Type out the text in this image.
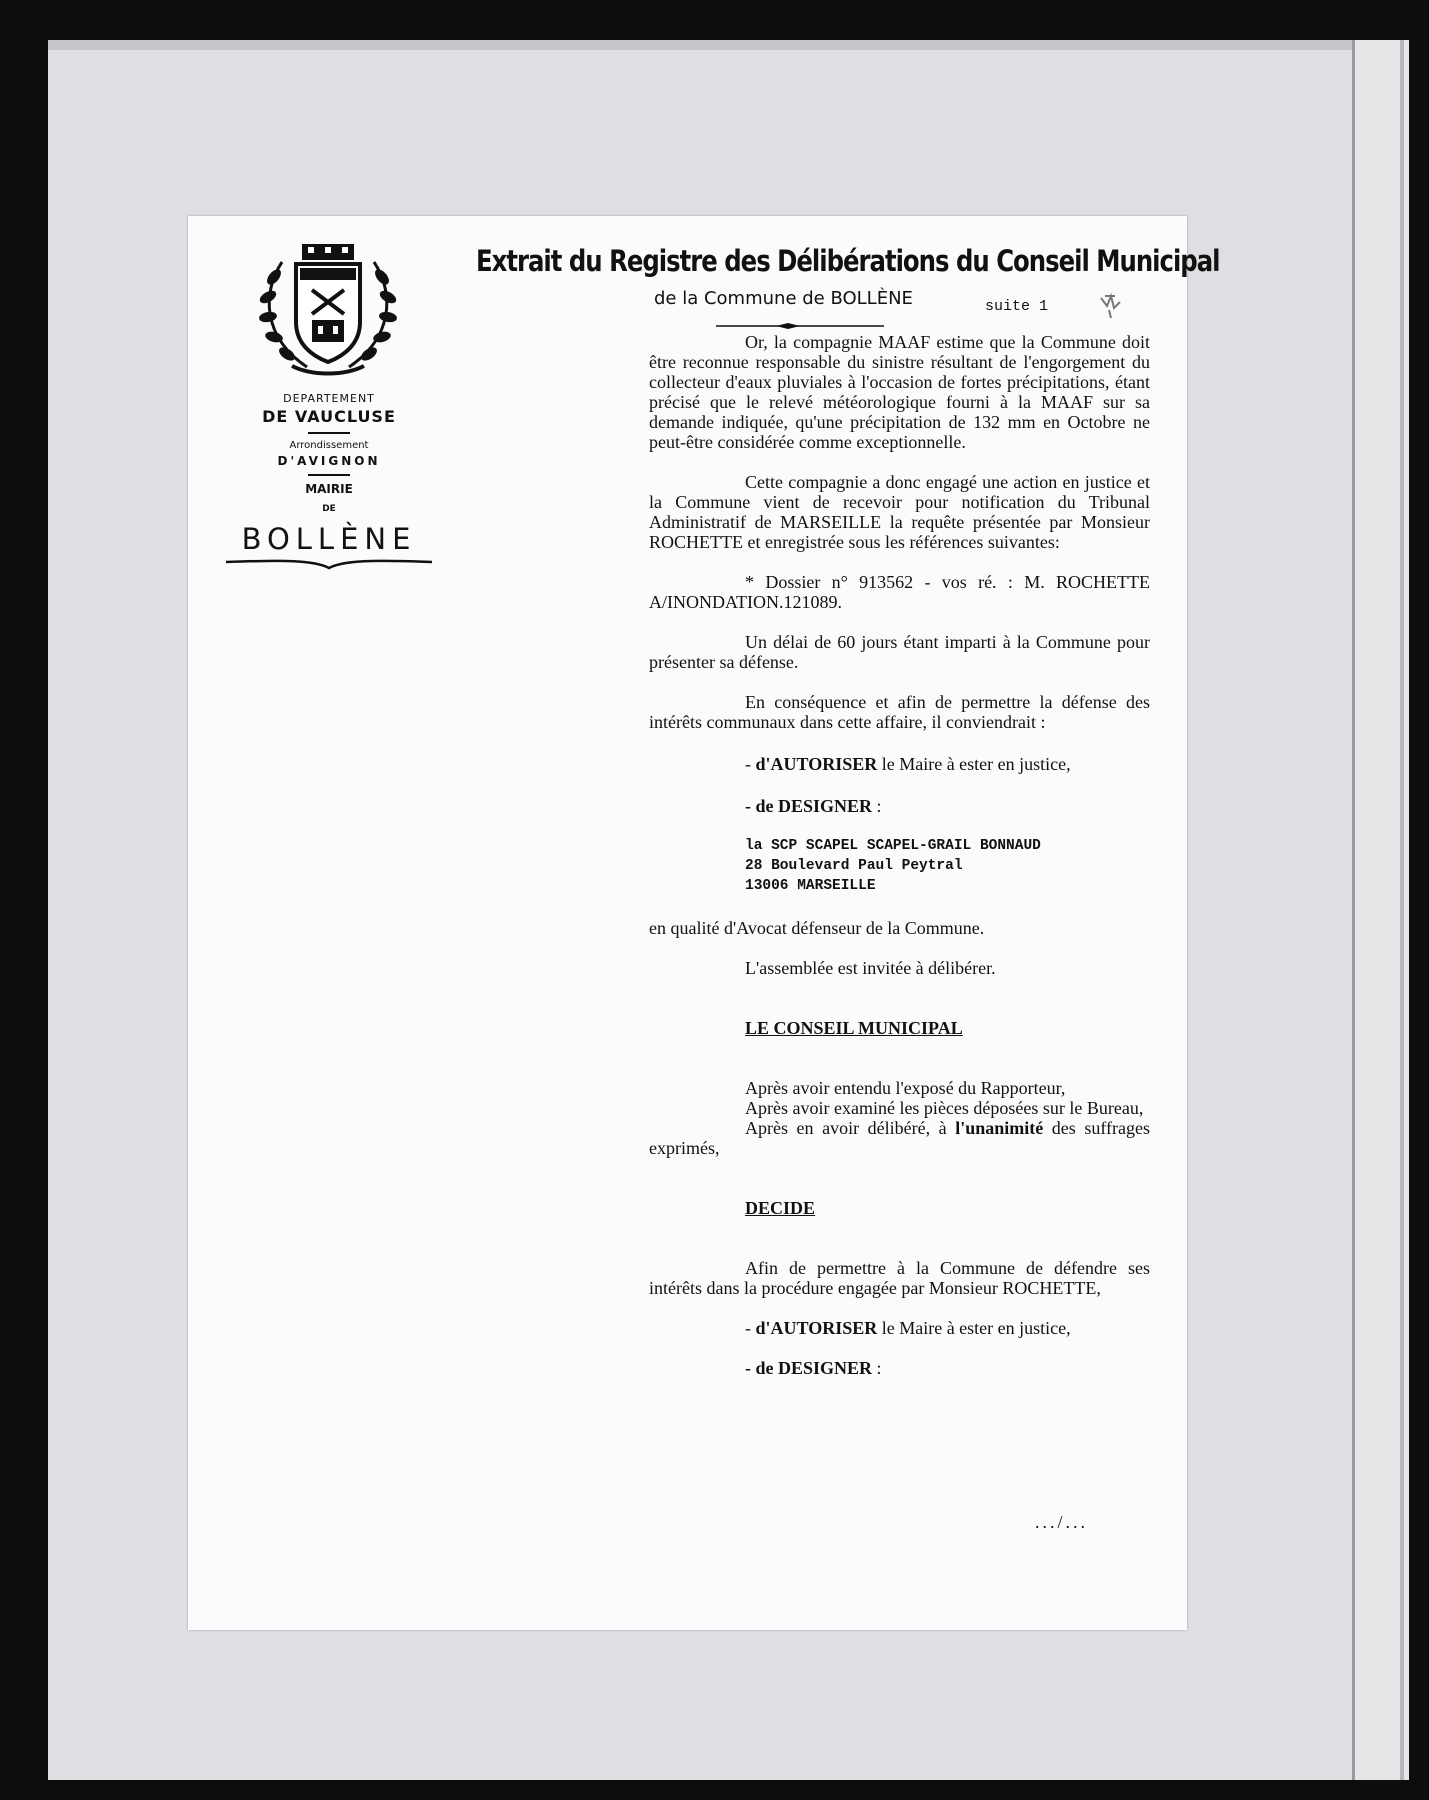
DEPARTEMENT
DE VAUCLUSE
Arrondissement
D'AVIGNON
MAIRIE
DE
BOLLÈNE
Extrait du Registre des Délibérations du Conseil Municipal
de la Commune de BOLLÈNE	suite 1

Or, la compagnie MAAF estime que la Commune doit être reconnue responsable du sinistre résultant de l'engorgement du collecteur d'eaux pluviales à l'occasion de fortes précipitations, étant précisé que le relevé météorologique fourni à la MAAF sur sa demande indiquée, qu'une précipitation de 132 mm en Octobre ne peut-être considérée comme exceptionnelle.

Cette compagnie a donc engagé une action en justice et la Commune vient de recevoir pour notification du Tribunal Administratif de MARSEILLE la requête présentée par Monsieur ROCHETTE et enregistrée sous les références suivantes:

* Dossier n° 913562 - vos ré. : M. ROCHETTE A/INONDATION.121089.

Un délai de 60 jours étant imparti à la Commune pour présenter sa défense.

En conséquence et afin de permettre la défense des intérêts communaux dans cette affaire, il conviendrait :

- d'AUTORISER le Maire à ester en justice,

- de DESIGNER :

la SCP SCAPEL SCAPEL-GRAIL BONNAUD
28 Boulevard Paul Peytral
13006 MARSEILLE

en qualité d'Avocat défenseur de la Commune.

L'assemblée est invitée à délibérer.

LE CONSEIL MUNICIPAL

Après avoir entendu l'exposé du Rapporteur,

Après avoir examiné les pièces déposées sur le Bureau,

Après en avoir délibéré, à l'unanimité des suffrages exprimés,

DECIDE

Afin de permettre à la Commune de défendre ses intérêts dans la procédure engagée par Monsieur ROCHETTE,

- d'AUTORISER le Maire à ester en justice,

- de DESIGNER :

.../...
